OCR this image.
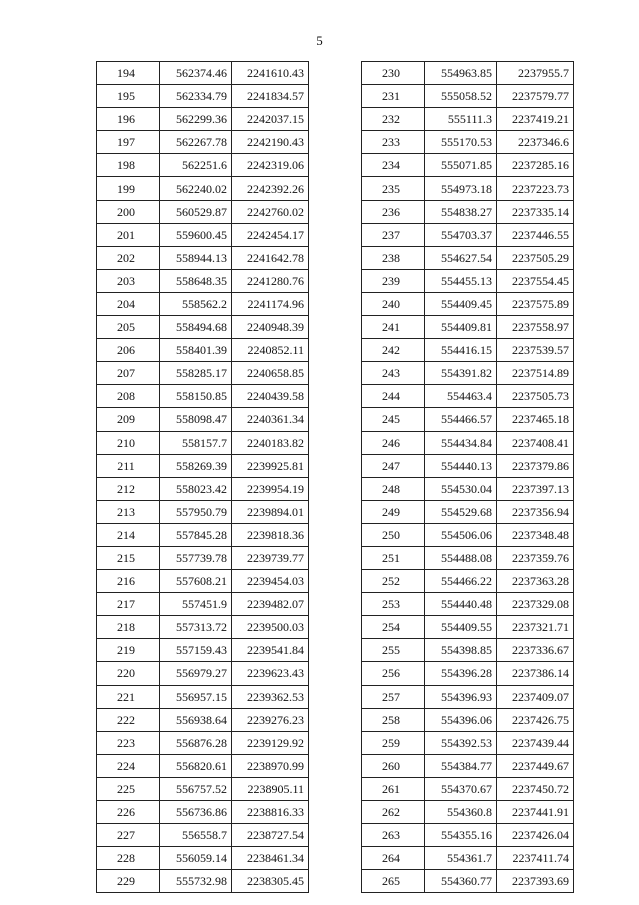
5
194	562374.46	2241610.43
195	562334.79	2241834.57
196	562299.36	2242037.15
197	562267.78	2242190.43
198	562251.6	2242319.06
199	562240.02	2242392.26
200	560529.87	2242760.02
201	559600.45	2242454.17
202	558944.13	2241642.78
203	558648.35	2241280.76
204	558562.2	2241174.96
205	558494.68	2240948.39
206	558401.39	2240852.11
207	558285.17	2240658.85
208	558150.85	2240439.58
209	558098.47	2240361.34
210	558157.7	2240183.82
211	558269.39	2239925.81
212	558023.42	2239954.19
213	557950.79	2239894.01
214	557845.28	2239818.36
215	557739.78	2239739.77
216	557608.21	2239454.03
217	557451.9	2239482.07
218	557313.72	2239500.03
219	557159.43	2239541.84
220	556979.27	2239623.43
221	556957.15	2239362.53
222	556938.64	2239276.23
223	556876.28	2239129.92
224	556820.61	2238970.99
225	556757.52	2238905.11
226	556736.86	2238816.33
227	556558.7	2238727.54
228	556059.14	2238461.34
229	555732.98	2238305.45
230	554963.85	2237955.7
231	555058.52	2237579.77
232	555111.3	2237419.21
233	555170.53	2237346.6
234	555071.85	2237285.16
235	554973.18	2237223.73
236	554838.27	2237335.14
237	554703.37	2237446.55
238	554627.54	2237505.29
239	554455.13	2237554.45
240	554409.45	2237575.89
241	554409.81	2237558.97
242	554416.15	2237539.57
243	554391.82	2237514.89
244	554463.4	2237505.73
245	554466.57	2237465.18
246	554434.84	2237408.41
247	554440.13	2237379.86
248	554530.04	2237397.13
249	554529.68	2237356.94
250	554506.06	2237348.48
251	554488.08	2237359.76
252	554466.22	2237363.28
253	554440.48	2237329.08
254	554409.55	2237321.71
255	554398.85	2237336.67
256	554396.28	2237386.14
257	554396.93	2237409.07
258	554396.06	2237426.75
259	554392.53	2237439.44
260	554384.77	2237449.67
261	554370.67	2237450.72
262	554360.8	2237441.91
263	554355.16	2237426.04
264	554361.7	2237411.74
265	554360.77	2237393.69
